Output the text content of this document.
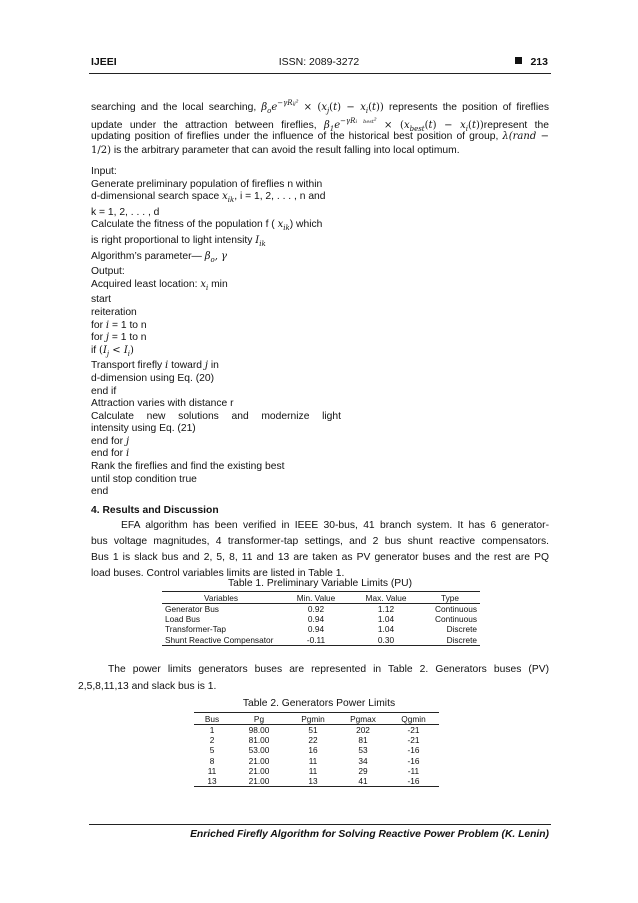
IJEEI	ISSN: 2089-3272	213
searching and the local searching, $\beta_oe^{-\gamma Rij^2} \times (x_j(t) - x_i(t))$ represents the position of fireflies
update under the attraction between fireflies, $\beta_1e^{-\gamma Ri best^2} \times (x_{best}(t)$ − $x_i(t))represent$ the
updating position of fireflies under the influence of the historical best position of group, λ(rand −
1/2) is the arbitrary parameter that can avoid the result falling into local optimum.
Input:
Generate preliminary population of fireflies n within
d-dimensional search space $x_{ik}$, i = 1, 2, . . . , n and
k = 1, 2, . . . , d
Calculate the fitness of the population f ( $x_{ik}$) which
is right proportional to light intensity $I_{ik}$
Algorithm’s parameter— $\beta_o$, γ
Output:
Acquired least location: $x_i$ min
start
reiteration
for i = 1 to n
for j = 1 to n
if $(I_j < I_i)$
Transport firefly i toward j in
d-dimension using Eq. (20)
end if
Attraction varies with distance r
Calculate new solutions and modernize light
intensity using Eq. (21)
end for j
end for i
Rank the fireflies and find the existing best
until stop condition true
end
4. Results and Discussion
EFA algorithm has been verified in IEEE 30-bus, 41 branch system. It has 6 generator-
bus voltage magnitudes, 4 transformer-tap settings, and 2 bus shunt reactive compensators.
Bus 1 is slack bus and 2, 5, 8, 11 and 13 are taken as PV generator buses and the rest are PQ
load buses. Control variables limits are listed in Table 1.
Table 1. Preliminary Variable Limits (PU)
Variables	Min. Value	Max. Value	Type
Generator Bus	0.92	1.12	Continuous
Load Bus	0.94	1.04	Continuous
Transformer-Tap	0.94	1.04	Discrete
Shunt Reactive Compensator	-0.11	0.30	Discrete
The power limits generators buses are represented in Table 2. Generators buses (PV)
2,5,8,11,13 and slack bus is 1.
Table 2. Generators Power Limits
Bus	Pg	Pgmin	Pgmax	Qgmin
1	98.00	51	202	-21
2	81.00	22	81	-21
5	53.00	16	53	-16
8	21.00	11	34	-16
11	21.00	11	29	-11
13	21.00	13	41	-16
Enriched Firefly Algorithm for Solving Reactive Power Problem (K. Lenin)
